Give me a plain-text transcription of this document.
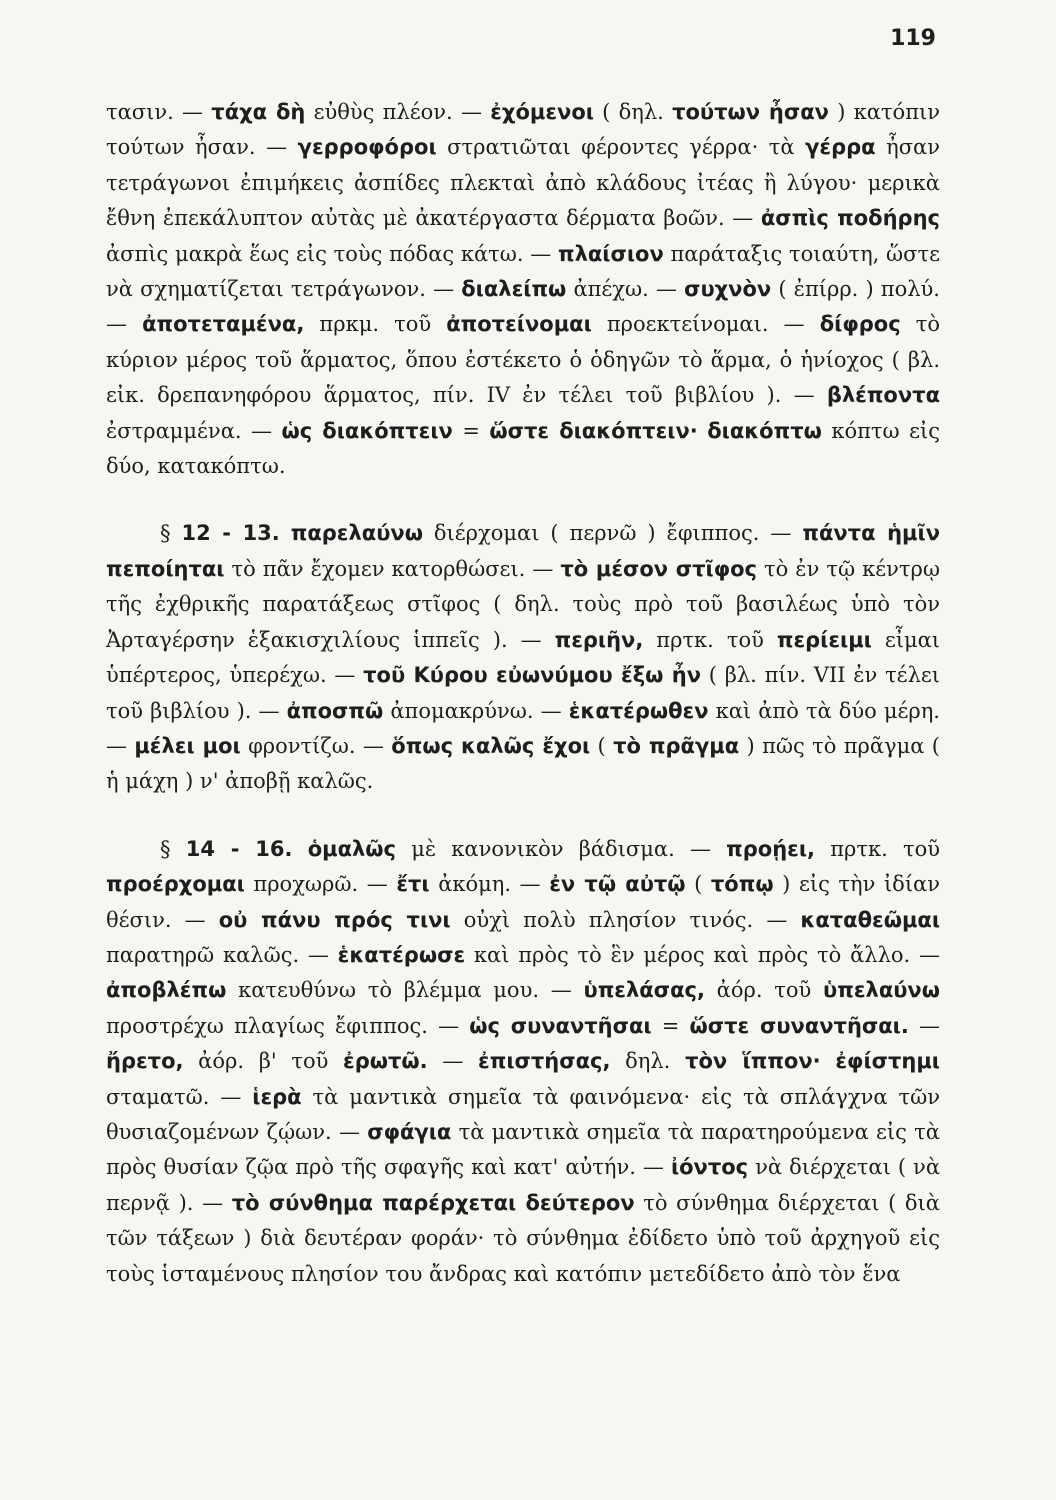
119

τασιν. — τάχα δὴ εὐθὺς πλέον. — ἐχόμενοι ( δηλ. τούτων ἦσαν ) κατόπιν τούτων ἦσαν. — γερροφόροι στρατιῶται φέροντες γέρρα· τὰ γέρρα ἦσαν τετράγωνοι ἐπιμήκεις ἀσπίδες πλεκταὶ ἀπὸ κλάδους ἰτέας ἢ λύγου· μερικὰ ἔθνη ἐπεκάλυπτον αὐτὰς μὲ ἀκατέργαστα δέρματα βοῶν. — ἀσπὶς ποδήρης ἀσπὶς μακρὰ ἕως εἰς τοὺς πόδας κάτω. — πλαίσιον παράταξις τοιαύτη, ὥστε νὰ σχηματίζεται τετράγωνον. — διαλείπω ἀπέχω. — συχνὸν ( ἐπίρρ. ) πολύ. — ἀποτεταμένα, πρκμ. τοῦ ἀποτείνομαι προεκτείνομαι. — δίφρος τὸ κύριον μέρος τοῦ ἅρματος, ὅπου ἐστέκετο ὁ ὁδηγῶν τὸ ἅρμα, ὁ ἡνίοχος ( βλ. εἰκ. δρεπανηφόρου ἅρματος, πίν. IV ἐν τέλει τοῦ βιβλίου ). — βλέποντα ἐστραμμένα. — ὡς διακόπτειν = ὥστε διακόπτειν· διακόπτω κόπτω εἰς δύο, κατακόπτω.

§ 12 - 13. παρελαύνω διέρχομαι ( περνῶ ) ἔφιππος. — πάντα ἡμῖν πεποίηται τὸ πᾶν ἔχομεν κατορθώσει. — τὸ μέσον στῖφος τὸ ἐν τῷ κέντρῳ τῆς ἐχθρικῆς παρατάξεως στῖφος ( δηλ. τοὺς πρὸ τοῦ βασιλέως ὑπὸ τὸν Ἀρταγέρσην ἑξακισχιλίους ἱππεῖς ). — περιῆν, πρτκ. τοῦ περίειμι εἶμαι ὑπέρτερος, ὑπερέχω. — τοῦ Κύρου εὐωνύμου ἔξω ἦν ( βλ. πίν. VII ἐν τέλει τοῦ βιβλίου ). — ἀποσπῶ ἀπομακρύνω. — ἑκατέρωθεν καὶ ἀπὸ τὰ δύο μέρη. — μέλει μοι φροντίζω. — ὅπως καλῶς ἔχοι ( τὸ πρᾶγμα ) πῶς τὸ πρᾶγμα ( ἡ μάχη ) ν' ἀποβῇ καλῶς.

§ 14 - 16. ὁμαλῶς μὲ κανονικὸν βάδισμα. — προῄει, πρτκ. τοῦ προέρχομαι προχωρῶ. — ἔτι ἀκόμη. — ἐν τῷ αὐτῷ ( τόπῳ ) εἰς τὴν ἰδίαν θέσιν. — οὐ πάνυ πρός τινι οὐχὶ πολὺ πλησίον τινός. — καταθεῶμαι παρατηρῶ καλῶς. — ἑκατέρωσε καὶ πρὸς τὸ ἓν μέρος καὶ πρὸς τὸ ἄλλο. — ἀποβλέπω κατευθύνω τὸ βλέμμα μου. — ὑπελάσας, ἀόρ. τοῦ ὑπελαύνω προστρέχω πλαγίως ἔφιππος. — ὡς συναντῆσαι = ὥστε συναντῆσαι. — ἤρετο, ἀόρ. β' τοῦ ἐρωτῶ. — ἐπιστήσας, δηλ. τὸν ἵππον· ἐφίστημι σταματῶ. — ἱερὰ τὰ μαντικὰ σημεῖα τὰ φαινόμενα· εἰς τὰ σπλάγχνα τῶν θυσιαζομένων ζῴων. — σφάγια τὰ μαντικὰ σημεῖα τὰ παρατηρούμενα εἰς τὰ πρὸς θυσίαν ζῷα πρὸ τῆς σφαγῆς καὶ κατ' αὐτήν. — ἰόντος νὰ διέρχεται ( νὰ περνᾷ ). — τὸ σύνθημα παρέρχεται δεύτερον τὸ σύνθημα διέρχεται ( διὰ τῶν τάξεων ) διὰ δευτέραν φοράν· τὸ σύνθημα ἐδίδετο ὑπὸ τοῦ ἀρχηγοῦ εἰς τοὺς ἱσταμένους πλησίον του ἄνδρας καὶ κατόπιν μετεδίδετο ἀπὸ τὸν ἕνα
